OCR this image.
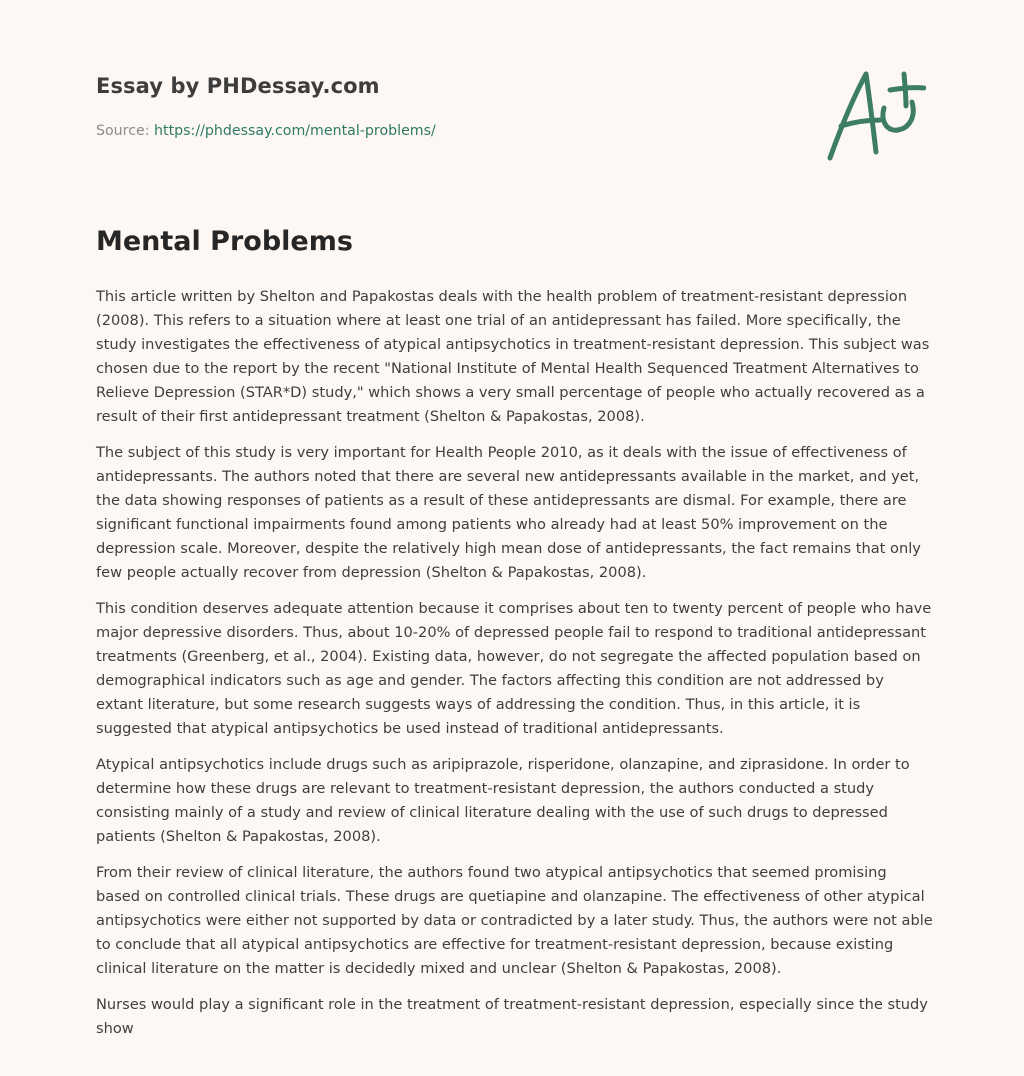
Essay by PHDessay.com
Source: https://phdessay.com/mental-problems/
Mental Problems

This article written by Shelton and Papakostas deals with the health problem of treatment-resistant depression (2008). This refers to a situation where at least one trial of an antidepressant has failed. More specifically, the study investigates the effectiveness of atypical antipsychotics in treatment-resistant depression. This subject was chosen due to the report by the recent "National Institute of Mental Health Sequenced Treatment Alternatives to Relieve Depression (STAR*D) study," which shows a very small percentage of people who actually recovered as a result of their first antidepressant treatment (Shelton & Papakostas, 2008).

The subject of this study is very important for Health People 2010, as it deals with the issue of effectiveness of antidepressants. The authors noted that there are several new antidepressants available in the market, and yet, the data showing responses of patients as a result of these antidepressants are dismal. For example, there are significant functional impairments found among patients who already had at least 50% improvement on the depression scale. Moreover, despite the relatively high mean dose of antidepressants, the fact remains that only few people actually recover from depression (Shelton & Papakostas, 2008).

This condition deserves adequate attention because it comprises about ten to twenty percent of people who have major depressive disorders. Thus, about 10-20% of depressed people fail to respond to traditional antidepressant treatments (Greenberg, et al., 2004). Existing data, however, do not segregate the affected population based on demographical indicators such as age and gender. The factors affecting this condition are not addressed by extant literature, but some research suggests ways of addressing the condition. Thus, in this article, it is suggested that atypical antipsychotics be used instead of traditional antidepressants.

Atypical antipsychotics include drugs such as aripiprazole, risperidone, olanzapine, and ziprasidone. In order to determine how these drugs are relevant to treatment-resistant depression, the authors conducted a study consisting mainly of a study and review of clinical literature dealing with the use of such drugs to depressed patients (Shelton & Papakostas, 2008).

From their review of clinical literature, the authors found two atypical antipsychotics that seemed promising based on controlled clinical trials. These drugs are quetiapine and olanzapine. The effectiveness of other atypical antipsychotics were either not supported by data or contradicted by a later study. Thus, the authors were not able to conclude that all atypical antipsychotics are effective for treatment-resistant depression, because existing clinical literature on the matter is decidedly mixed and unclear (Shelton & Papakostas, 2008).

Nurses would play a significant role in the treatment of treatment-resistant depression, especially since the study show
